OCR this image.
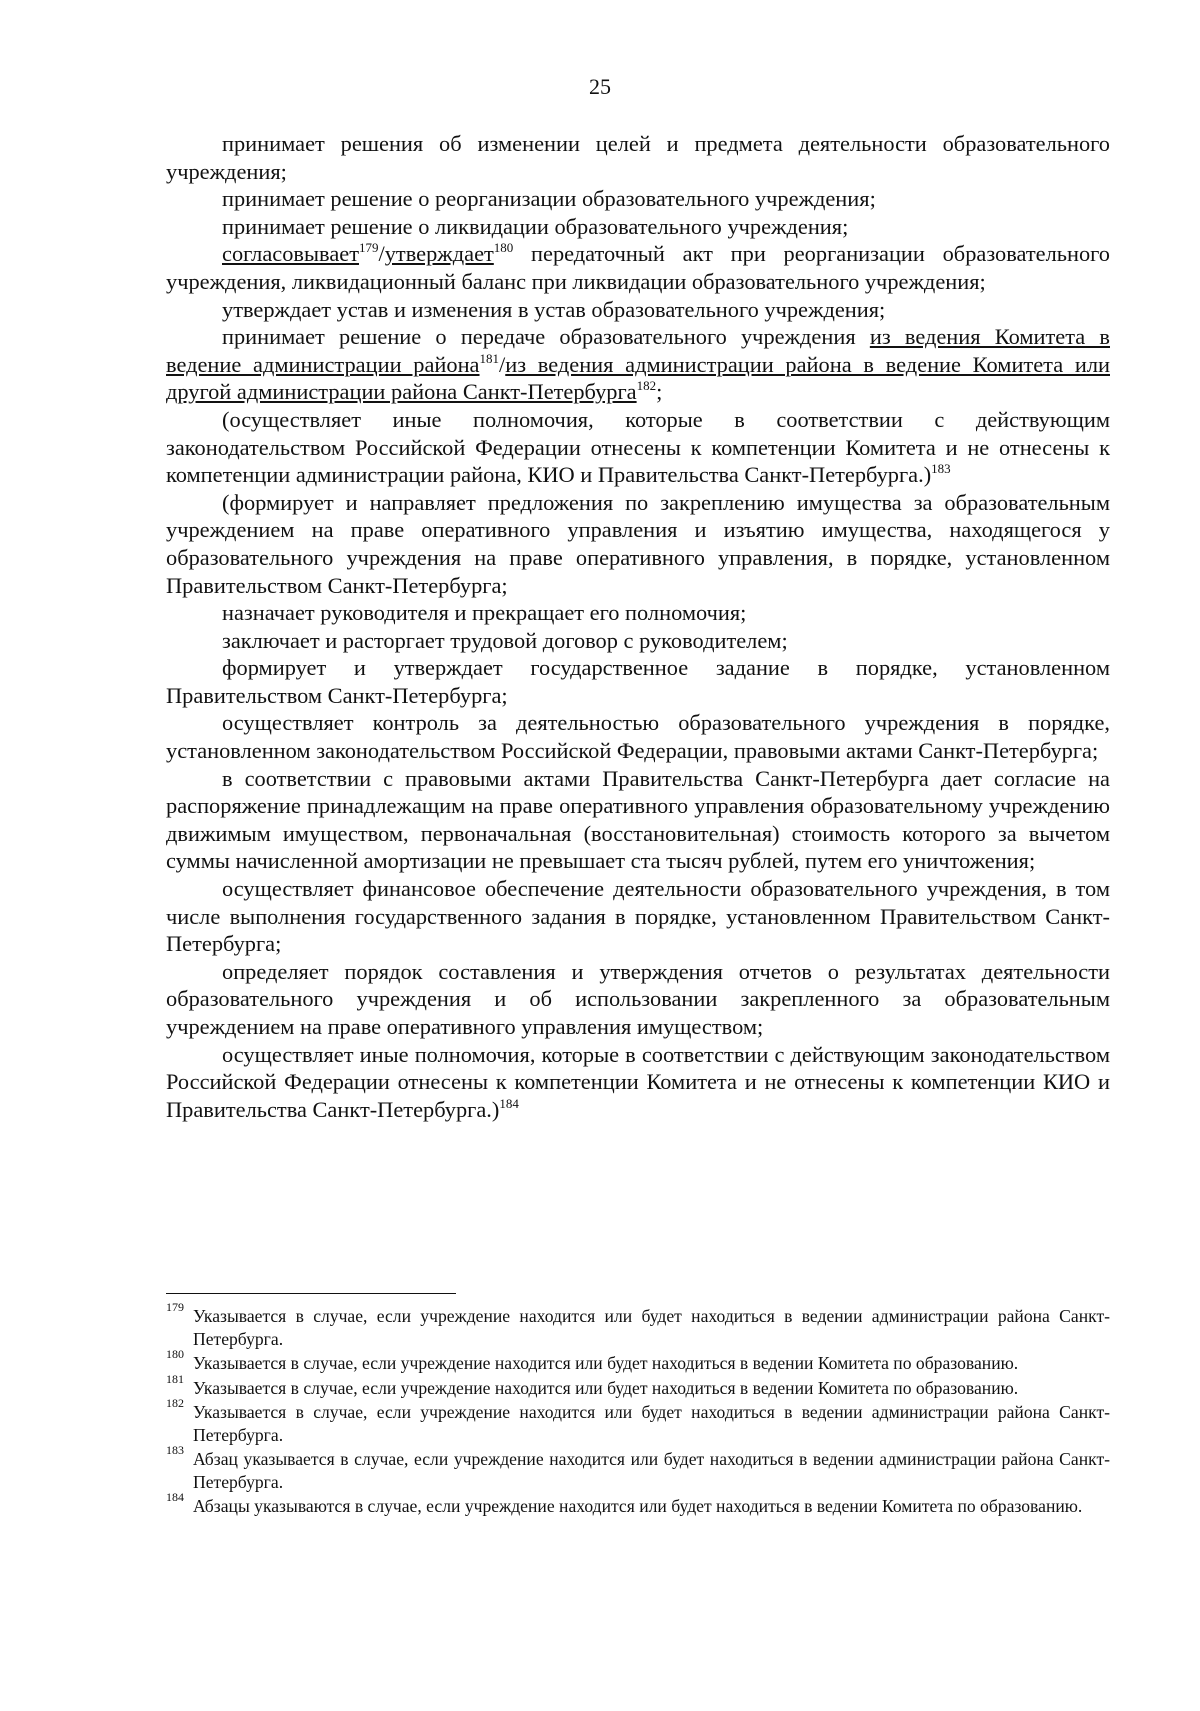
25

принимает решения об изменении целей и предмета деятельности образовательного учреждения;

принимает решение о реорганизации образовательного учреждения;

принимает решение о ликвидации образовательного учреждения;

согласовывает$^{179}$/утверждает$^{180}$ передаточный акт при реорганизации образовательного учреждения, ликвидационный баланс при ликвидации образовательного учреждения;

утверждает устав и изменения в устав образовательного учреждения;

принимает решение о передаче образовательного учреждения из ведения Комитета в ведение администрации района$^{181}$/из ведения администрации района в ведение Комитета или другой администрации района Санкт-Петербурга$^{182}$;

(осуществляет иные полномочия, которые в соответствии с действующим законодательством Российской Федерации отнесены к компетенции Комитета и не отнесены к компетенции администрации района, КИО и Правительства Санкт-Петербурга.)$^{183}$

(формирует и направляет предложения по закреплению имущества за образовательным учреждением на праве оперативного управления и изъятию имущества, находящегося у образовательного учреждения на праве оперативного управления, в порядке, установленном Правительством Санкт-Петербурга;

назначает руководителя и прекращает его полномочия;

заключает и расторгает трудовой договор с руководителем;

формирует и утверждает государственное задание в порядке, установленном Правительством Санкт-Петербурга;

осуществляет контроль за деятельностью образовательного учреждения в порядке, установленном законодательством Российской Федерации, правовыми актами Санкт-Петербурга;

в соответствии с правовыми актами Правительства Санкт-Петербурга дает согласие на распоряжение принадлежащим на праве оперативного управления образовательному учреждению движимым имуществом, первоначальная (восстановительная) стоимость которого за вычетом суммы начисленной амортизации не превышает ста тысяч рублей, путем его уничтожения;

осуществляет финансовое обеспечение деятельности образовательного учреждения, в том числе выполнения государственного задания в порядке, установленном Правительством Санкт-Петербурга;

определяет порядок составления и утверждения отчетов о результатах деятельности образовательного учреждения и об использовании закрепленного за образовательным учреждением на праве оперативного управления имуществом;

осуществляет иные полномочия, которые в соответствии с действующим законодательством Российской Федерации отнесены к компетенции Комитета и не отнесены к компетенции КИО и Правительства Санкт-Петербурга.)$^{184}$

179 Указывается в случае, если учреждение находится или будет находиться в ведении администрации района Санкт-Петербурга.
180 Указывается в случае, если учреждение находится или будет находиться в ведении Комитета по образованию.
181 Указывается в случае, если учреждение находится или будет находиться в ведении Комитета по образованию.
182 Указывается в случае, если учреждение находится или будет находиться в ведении администрации района Санкт-Петербурга.
183 Абзац указывается в случае, если учреждение находится или будет находиться в ведении администрации района Санкт-Петербурга.
184 Абзацы указываются в случае, если учреждение находится или будет находиться в ведении Комитета по образованию.
